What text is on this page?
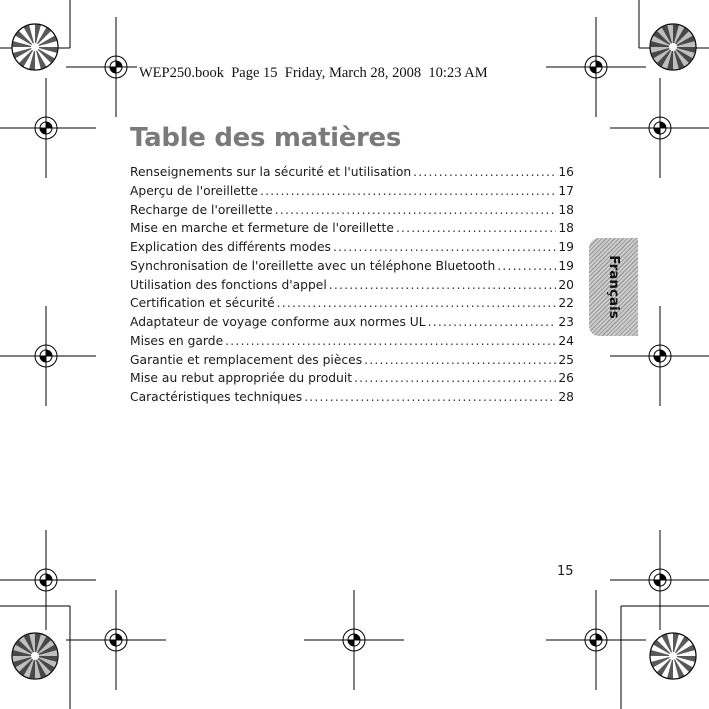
WEP250.book  Page 15  Friday, March 28, 2008  10:23 AM
Table des matières
Renseignements sur la sécurité et l'utilisation .....	16
Aperçu de l'oreillette .....	17
Recharge de l'oreillette .....	18
Mise en marche et fermeture de l'oreillette .....	18
Explication des différents modes .....	19
Synchronisation de l'oreillette avec un téléphone Bluetooth .....	19
Utilisation des fonctions d'appel .....	20
Certification et sécurité .....	22
Adaptateur de voyage conforme aux normes UL .....	23
Mises en garde .....	24
Garantie et remplacement des pièces .....	25
Mise au rebut appropriée du produit .....	26
Caractéristiques techniques .....	28
Français
15
